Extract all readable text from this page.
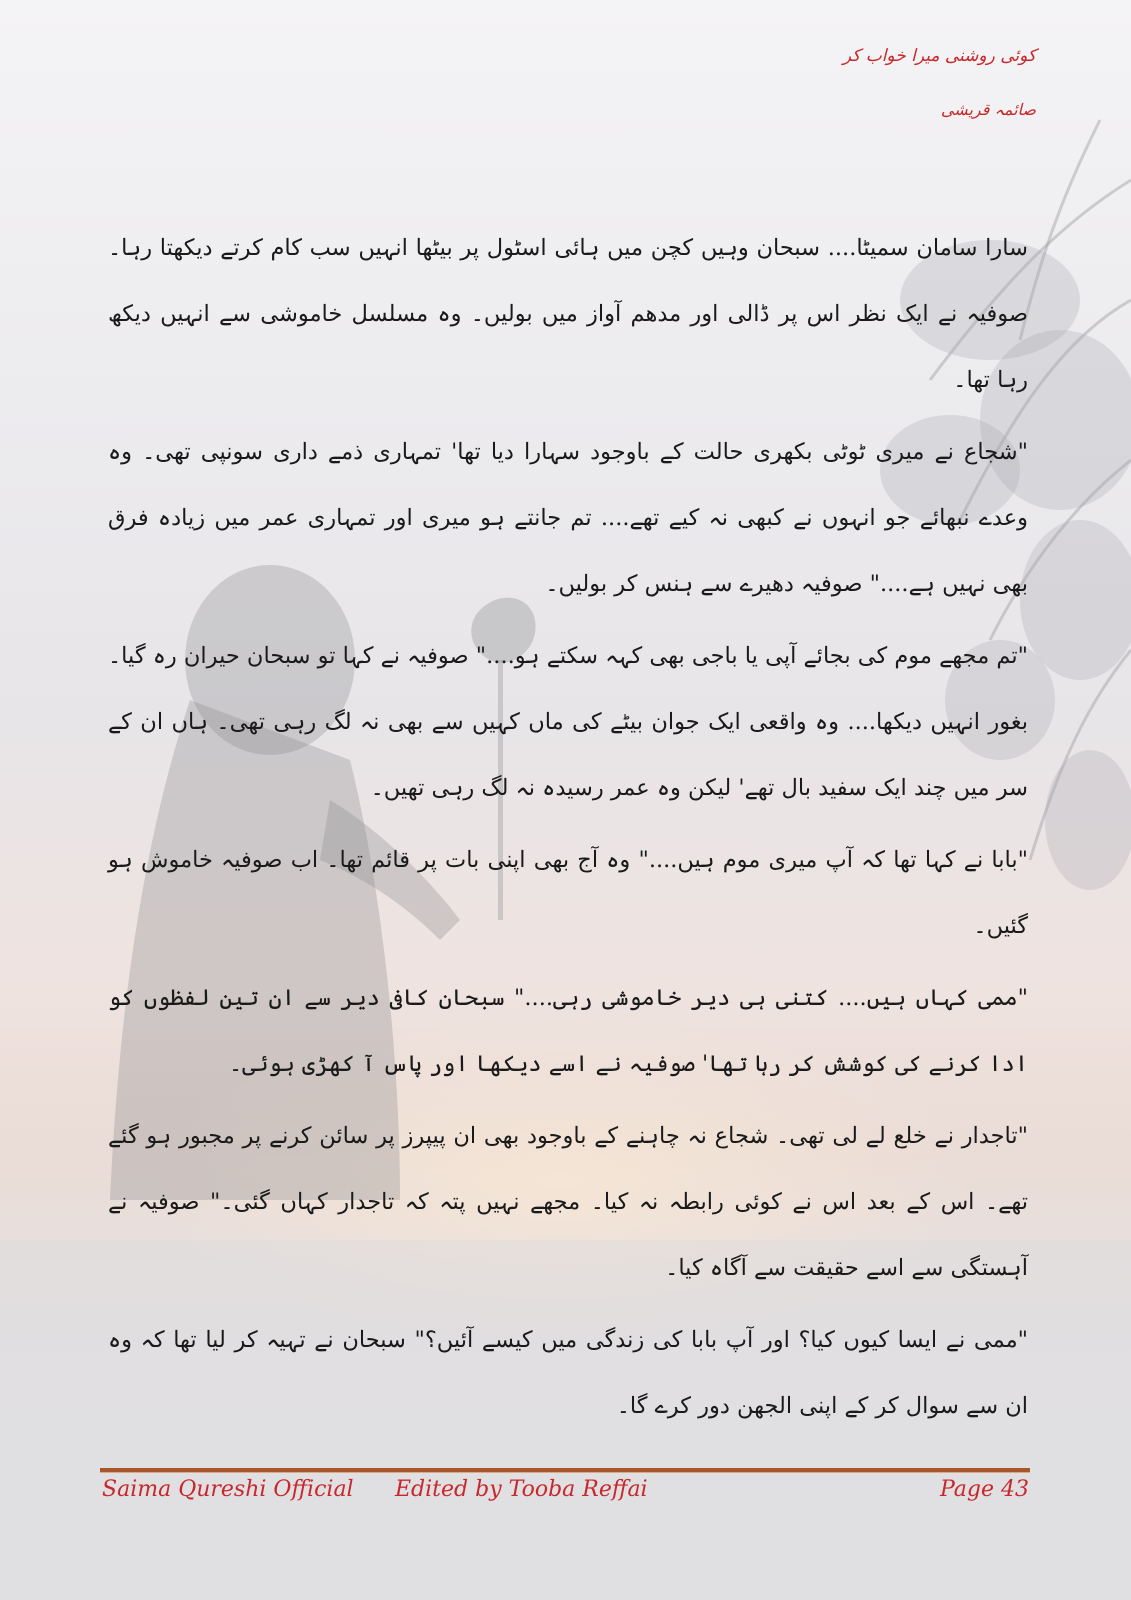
کوئی روشنی میرا خواب کر
صائمہ قریشی

سارا سامان سمیٹا.... سبحان وہیں کچن میں ہائی اسٹول پر بیٹھا انہیں سب کام کرتے دیکھتا رہا۔ صوفیہ نے ایک نظر اس پر ڈالی اور مدھم آواز میں بولیں۔ وہ مسلسل خاموشی سے انہیں دیکھ رہا تھا۔

"شجاع نے میری ٹوٹی بکھری حالت کے باوجود سہارا دیا تھا' تمہاری ذمے داری سونپی تھی۔ وہ وعدے نبھائے جو انہوں نے کبھی نہ کیے تھے.... تم جانتے ہو میری اور تمہاری عمر میں زیادہ فرق بھی نہیں ہے...." صوفیہ دھیرے سے ہنس کر بولیں۔

"تم مجھے موم کی بجائے آپی یا باجی بھی کہہ سکتے ہو...." صوفیہ نے کہا تو سبحان حیران رہ گیا۔ بغور انہیں دیکھا.... وہ واقعی ایک جوان بیٹے کی ماں کہیں سے بھی نہ لگ رہی تھی۔ ہاں ان کے سر میں چند ایک سفید بال تھے' لیکن وہ عمر رسیدہ نہ لگ رہی تھیں۔

"بابا نے کہا تھا کہ آپ میری موم ہیں...." وہ آج بھی اپنی بات پر قائم تھا۔ اب صوفیہ خاموش ہو گئیں۔

"ممی کہاں ہیں.... کتنی ہی دیر خاموشی رہی...." سبحان کافی دیر سے ان تین لفظوں کو ادا کرنے کی کوشش کر رہا تھا' صوفیہ نے اسے دیکھا اور پاس آ کھڑی ہوئی۔

"تاجدار نے خلع لے لی تھی۔ شجاع نہ چاہنے کے باوجود بھی ان پیپرز پر سائن کرنے پر مجبور ہو گئے تھے۔ اس کے بعد اس نے کوئی رابطہ نہ کیا۔ مجھے نہیں پتہ کہ تاجدار کہاں گئی۔" صوفیہ نے آہستگی سے اسے حقیقت سے آگاہ کیا۔

"ممی نے ایسا کیوں کیا؟ اور آپ بابا کی زندگی میں کیسے آئیں؟" سبحان نے تہیہ کر لیا تھا کہ وہ ان سے سوال کر کے اپنی الجھن دور کرے گا۔

Saima Qureshi Official Edited by Tooba Reffai	Page 43
